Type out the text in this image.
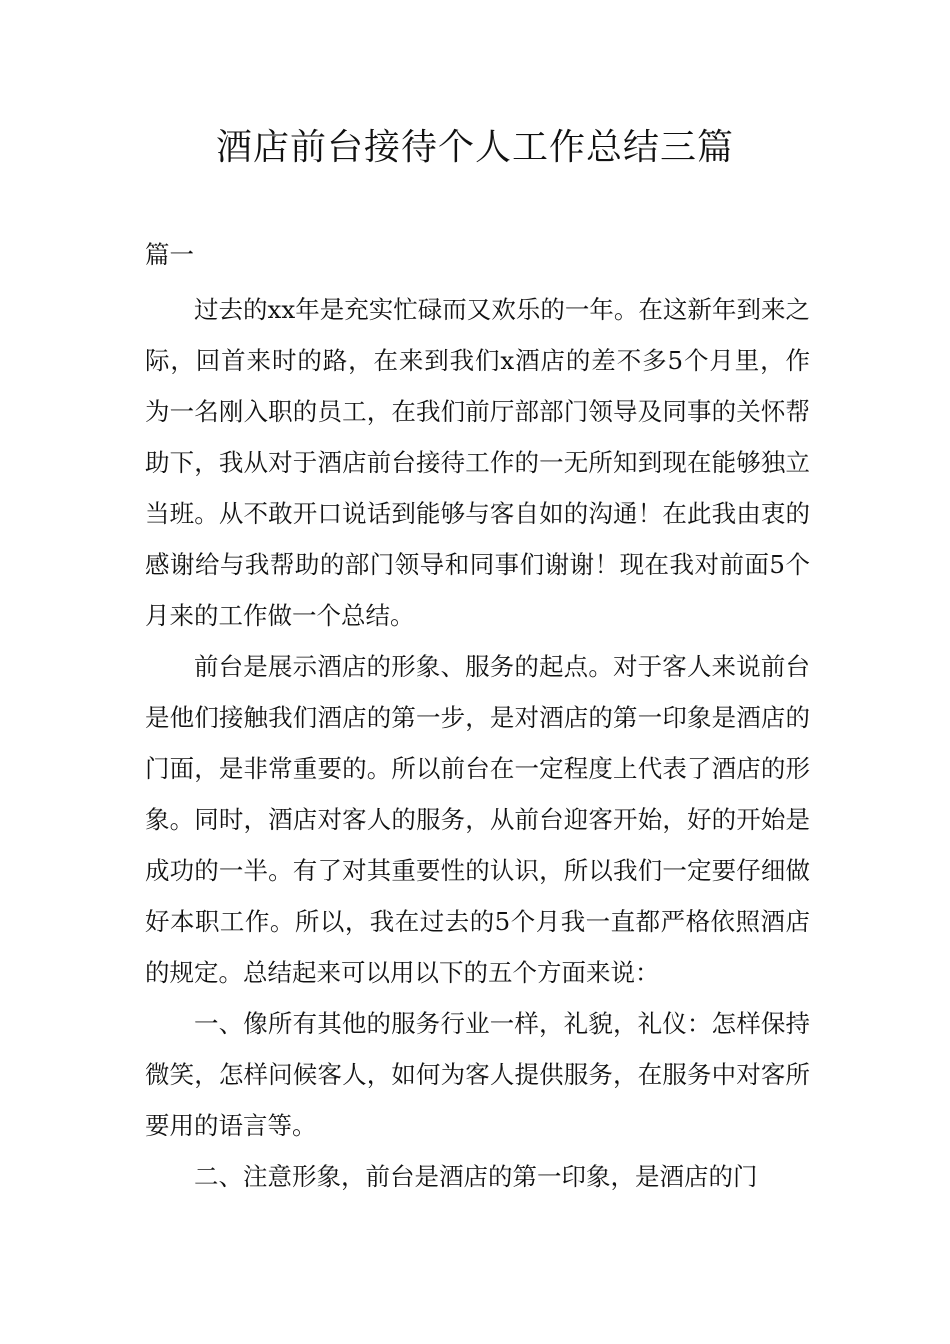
酒店前台接待个人工作总结三篇

篇一

过去的xx年是充实忙碌而又欢乐的一年。在这新年到来之际，回首来时的路，在来到我们x酒店的差不多5个月里，作为一名刚入职的员工，在我们前厅部部门领导及同事的关怀帮助下，我从对于酒店前台接待工作的一无所知到现在能够独立当班。从不敢开口说话到能够与客自如的沟通！在此我由衷的感谢给与我帮助的部门领导和同事们谢谢！现在我对前面5个月来的工作做一个总结。

前台是展示酒店的形象、服务的起点。对于客人来说前台是他们接触我们酒店的第一步，是对酒店的第一印象是酒店的门面，是非常重要的。所以前台在一定程度上代表了酒店的形象。同时，酒店对客人的服务，从前台迎客开始，好的开始是成功的一半。有了对其重要性的认识，所以我们一定要仔细做好本职工作。所以，我在过去的5个月我一直都严格依照酒店的规定。总结起来可以用以下的五个方面来说：

一、像所有其他的服务行业一样，礼貌，礼仪：怎样保持微笑，怎样问候客人，如何为客人提供服务，在服务中对客所要用的语言等。

二、注意形象，前台是酒店的第一印象，是酒店的门
